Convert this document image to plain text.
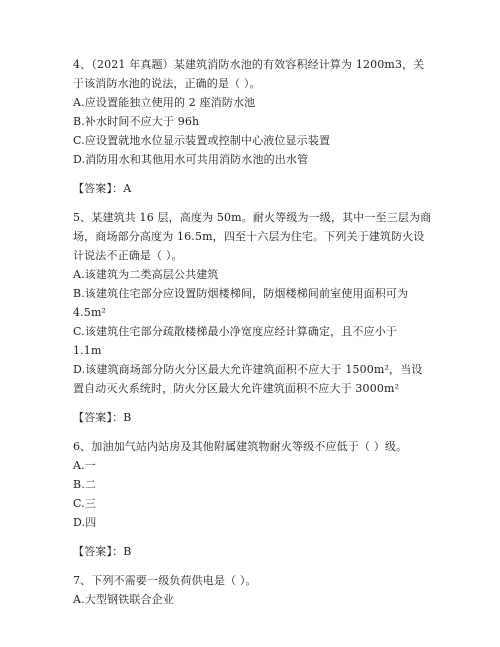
4、（2021 年真题）某建筑消防水池的有效容积经计算为 1200m3，关
于该消防水池的说法，正确的是（ ）。
A.应设置能独立使用的 2 座消防水池
B.补水时间不应大于 96h
C.应设置就地水位显示装置或控制中心液位显示装置
D.消防用水和其他用水可共用消防水池的出水管
【答案】：A
5、某建筑共 16 层，高度为 50m。耐火等级为一级，其中一至三层为商
场，商场部分高度为 16.5m，四至十六层为住宅。下列关于建筑防火设
计说法不正确是（ ）。
A.该建筑为二类高层公共建筑
B.该建筑住宅部分应设置防烟楼梯间，防烟楼梯间前室使用面积可为
4.5m²
C.该建筑住宅部分疏散楼梯最小净宽度应经计算确定，且不应小于
1.1m
D.该建筑商场部分防火分区最大允许建筑面积不应大于 1500m²，当设
置自动灭火系统时，防火分区最大允许建筑面积不应大于 3000m²
【答案】：B
6、加油加气站内站房及其他附属建筑物耐火等级不应低于（ ）级。
A.一
B.二
C.三
D.四
【答案】：B
7、下列不需要一级负荷供电是（ ）。
A.大型钢铁联合企业
